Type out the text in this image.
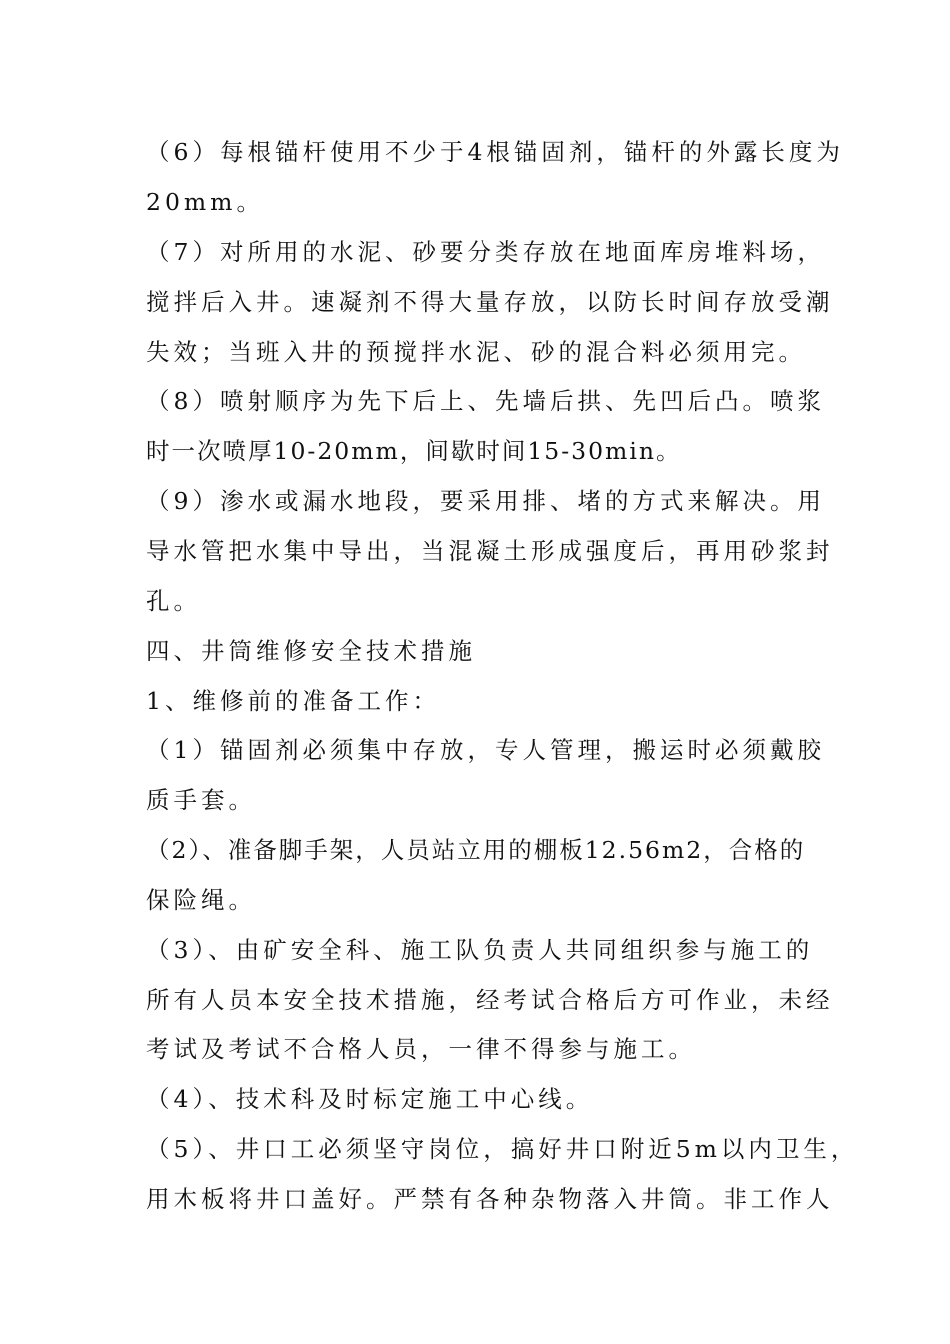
（6）每根锚杆使用不少于4根锚固剂，锚杆的外露长度为
20mm。
（7）对所用的水泥、砂要分类存放在地面库房堆料场，
搅拌后入井。速凝剂不得大量存放，以防长时间存放受潮
失效；当班入井的预搅拌水泥、砂的混合料必须用完。
（8）喷射顺序为先下后上、先墙后拱、先凹后凸。喷浆
时一次喷厚10-20mm，间歇时间15-30min。
（9）渗水或漏水地段，要采用排、堵的方式来解决。用
导水管把水集中导出，当混凝土形成强度后，再用砂浆封
孔。
四、井筒维修安全技术措施
1、维修前的准备工作：
（1）锚固剂必须集中存放，专人管理，搬运时必须戴胶
质手套。
（2）、准备脚手架，人员站立用的棚板12.56m2，合格的
保险绳。
（3）、由矿安全科、施工队负责人共同组织参与施工的
所有人员本安全技术措施，经考试合格后方可作业，未经
考试及考试不合格人员，一律不得参与施工。
（4）、技术科及时标定施工中心线。
（5）、井口工必须坚守岗位，搞好井口附近5m以内卫生，
用木板将井口盖好。严禁有各种杂物落入井筒。非工作人
